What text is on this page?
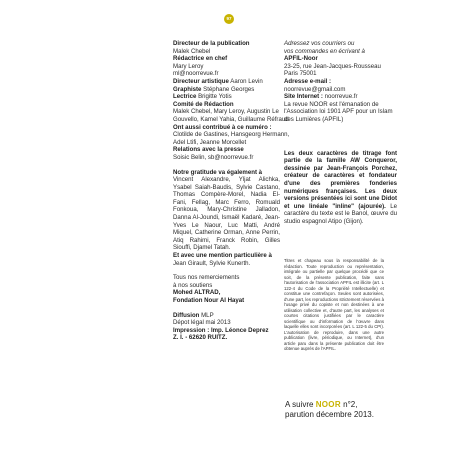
97
Directeur de la publication
Malek Chebel
Rédactrice en chef
Mary Leroy
ml@noorrevue.fr
Directeur artistique Aaron Levin
Graphiste Stéphane Georges
Lectrice Brigitte Yotis
Comité de Rédaction
Malek Chebel, Mary Leroy, Augustin Le Gouvello, Kamel Yahia, Guillaume Réfraud
Ont aussi contribué à ce numéro :
Clotilde de Gastines, Hansgeorg Hermann, Adel Ltifi, Jeanne Morcellet
Relations avec la presse
Soisic Belin, sb@noorrevue.fr
Notre gratitude va également à
Vincent Alexandre, Yljat Alichka, Ysabel Saiah-Baudis, Sylvie Castano, Thomas Compère-Morel, Nadia El-Fani, Fellag, Marc Ferro, Romuald Fonkoua, Mary-Christine Jalladon, Danna Al-Joundi, Ismaël Kadaré, Jean-Yves Le Naour, Luc Matti, André Miquel, Catherine Orman, Anne Perrin, Atiq Rahimi, Franck Robin, Gilles Siouffi, Djamel Tatah.
Et avec une mention particulière à
Jean Girault, Sylvie Kunerth.
Tous nos remerciements
à nos soutiens
Mohed ALTRAD,
Fondation Nour Al Hayat
Diffusion MLP
Dépot légal mai 2013
Impression : Imp. Léonce Deprez
Z. I. - 62620 RUITZ.
Adressez vos courriers ou
vos commandes en écrivant à
APFIL-Noor
23-25, rue Jean-Jacques-Rousseau
Paris 75001
Adresse e-mail :
noorrevue@gmail.com
Site Internet : noorrevue.fr
La revue NOOR est l'émanation de l'Association loi 1901 APF pour un Islam des Lumières (APFIL)
Les deux caractères de titrage font partie de la famille AW Conqueror, dessinée par Jean-François Porchez, créateur de caractères et fondateur d'une des premières fonderies numériques françaises. Les deux versions présentées ici sont une Didot et une linéale "inline" (ajourée). Le caractère du texte est le Banol, œuvre du studio espagnol Atipo (Gijon).
Titres et chapeau sous la responsabilité de la rédaction. Toute reproduction ou représentation, intégrale ou partielle par quelque procédé que ce soit, de la présente publication, faite sans l'autorisation de l'association APFIL est illicite (art. L 122-4 du Code de la Propriété Intellectuelle) et constitue une contrefaçon. Seules sont autorisées, d'une part, les reproductions strictement réservées à l'usage privé du copiste et non destinées à une utilisation collective et, d'autre part, les analyses et courtes citations justifiées par le caractère scientifique ou d'information de l'œuvre dans laquelle elles sont incorporées (art. L 122-5 du CPI). L'autorisation de reproduire, dans une autre publication (livre, périodique, ou Internet), d'un article paru dans la présente publication doit être obtenue auprès de l'APFIL.
A suivre NOOR n°2,
parution décembre 2013.
